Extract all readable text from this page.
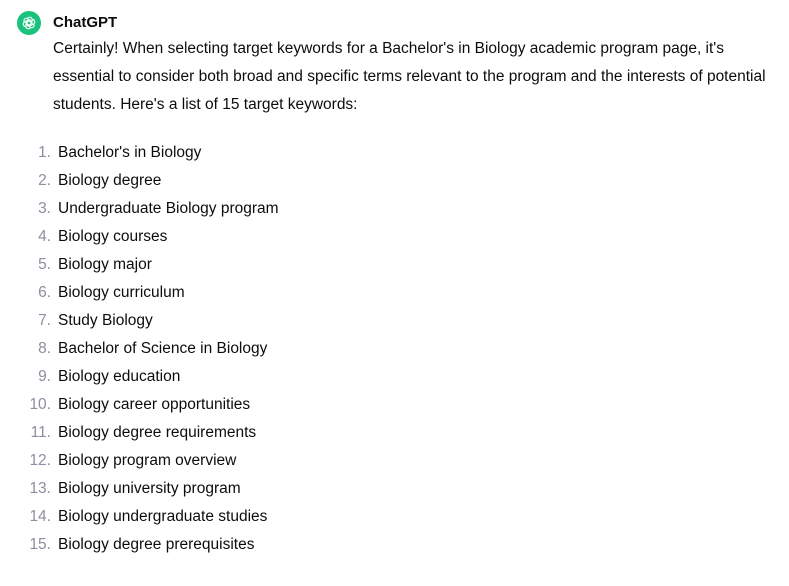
ChatGPT

Certainly! When selecting target keywords for a Bachelor's in Biology academic program page, it's essential to consider both broad and specific terms relevant to the program and the interests of potential students. Here's a list of 15 target keywords:

1. Bachelor's in Biology
2. Biology degree
3. Undergraduate Biology program
4. Biology courses
5. Biology major
6. Biology curriculum
7. Study Biology
8. Bachelor of Science in Biology
9. Biology education
10. Biology career opportunities
11. Biology degree requirements
12. Biology program overview
13. Biology university program
14. Biology undergraduate studies
15. Biology degree prerequisites
